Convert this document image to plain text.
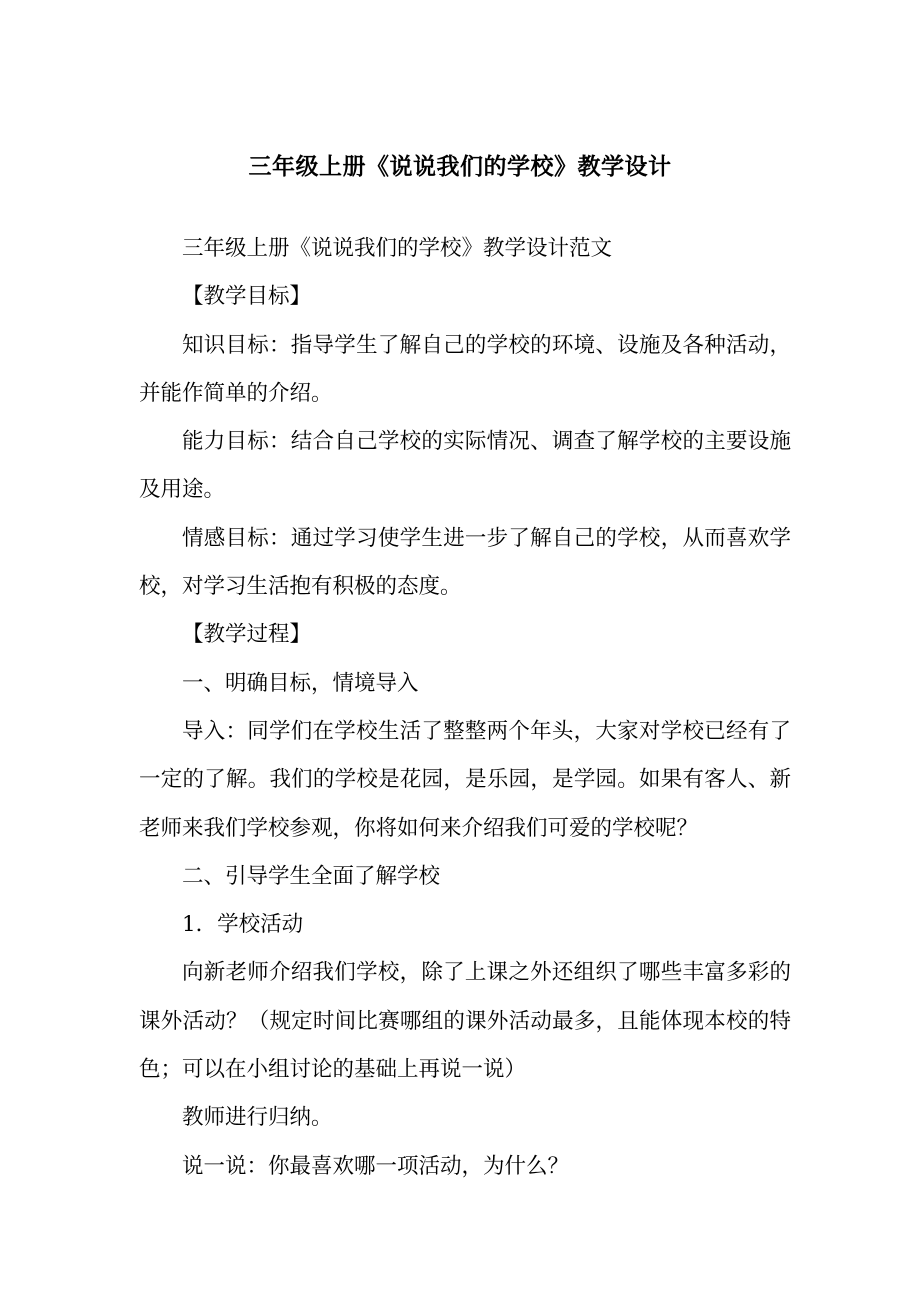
三年级上册《说说我们的学校》教学设计

三年级上册《说说我们的学校》教学设计范文

【教学目标】

知识目标：指导学生了解自己的学校的环境、设施及各种活动，并能作简单的介绍。

能力目标：结合自己学校的实际情况、调查了解学校的主要设施及用途。

情感目标：通过学习使学生进一步了解自己的学校，从而喜欢学校，对学习生活抱有积极的态度。

【教学过程】

一、明确目标，情境导入

导入：同学们在学校生活了整整两个年头，大家对学校已经有了一定的了解。我们的学校是花园，是乐园，是学园。如果有客人、新老师来我们学校参观，你将如何来介绍我们可爱的学校呢？

二、引导学生全面了解学校

1．学校活动

向新老师介绍我们学校，除了上课之外还组织了哪些丰富多彩的课外活动？（规定时间比赛哪组的课外活动最多，且能体现本校的特色；可以在小组讨论的基础上再说一说）

教师进行归纳。

说一说：你最喜欢哪一项活动，为什么？
